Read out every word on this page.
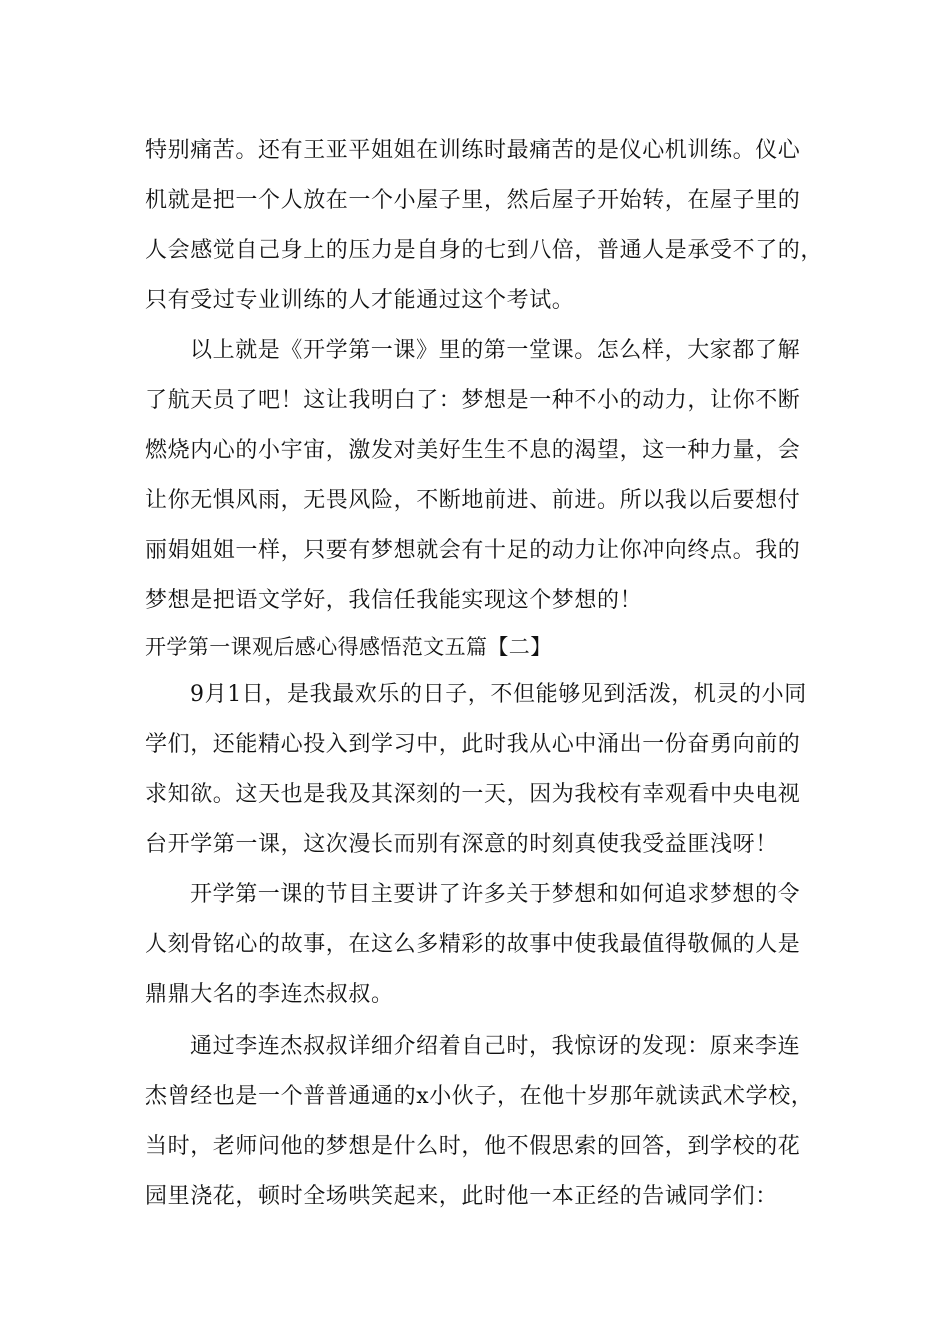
特别痛苦。还有王亚平姐姐在训练时最痛苦的是仪心机训练。仪心
机就是把一个人放在一个小屋子里，然后屋子开始转，在屋子里的
人会感觉自己身上的压力是自身的七到八倍，普通人是承受不了的，
只有受过专业训练的人才能通过这个考试。
以上就是《开学第一课》里的第一堂课。怎么样，大家都了解
了航天员了吧！这让我明白了：梦想是一种不小的动力，让你不断
燃烧内心的小宇宙，激发对美好生生不息的渴望，这一种力量，会
让你无惧风雨，无畏风险，不断地前进、前进。所以我以后要想付
丽娟姐姐一样，只要有梦想就会有十足的动力让你冲向终点。我的
梦想是把语文学好，我信任我能实现这个梦想的！
开学第一课观后感心得感悟范文五篇【二】
9月1日，是我最欢乐的日子，不但能够见到活泼，机灵的小同
学们，还能精心投入到学习中，此时我从心中涌出一份奋勇向前的
求知欲。这天也是我及其深刻的一天，因为我校有幸观看中央电视
台开学第一课，这次漫长而别有深意的时刻真使我受益匪浅呀！
开学第一课的节目主要讲了许多关于梦想和如何追求梦想的令
人刻骨铭心的故事，在这么多精彩的故事中使我最值得敬佩的人是
鼎鼎大名的李连杰叔叔。
通过李连杰叔叔详细介绍着自己时，我惊讶的发现：原来李连
杰曾经也是一个普普通通的x小伙子，在他十岁那年就读武术学校，
当时，老师问他的梦想是什么时，他不假思索的回答，到学校的花
园里浇花，顿时全场哄笑起来，此时他一本正经的告诫同学们：
